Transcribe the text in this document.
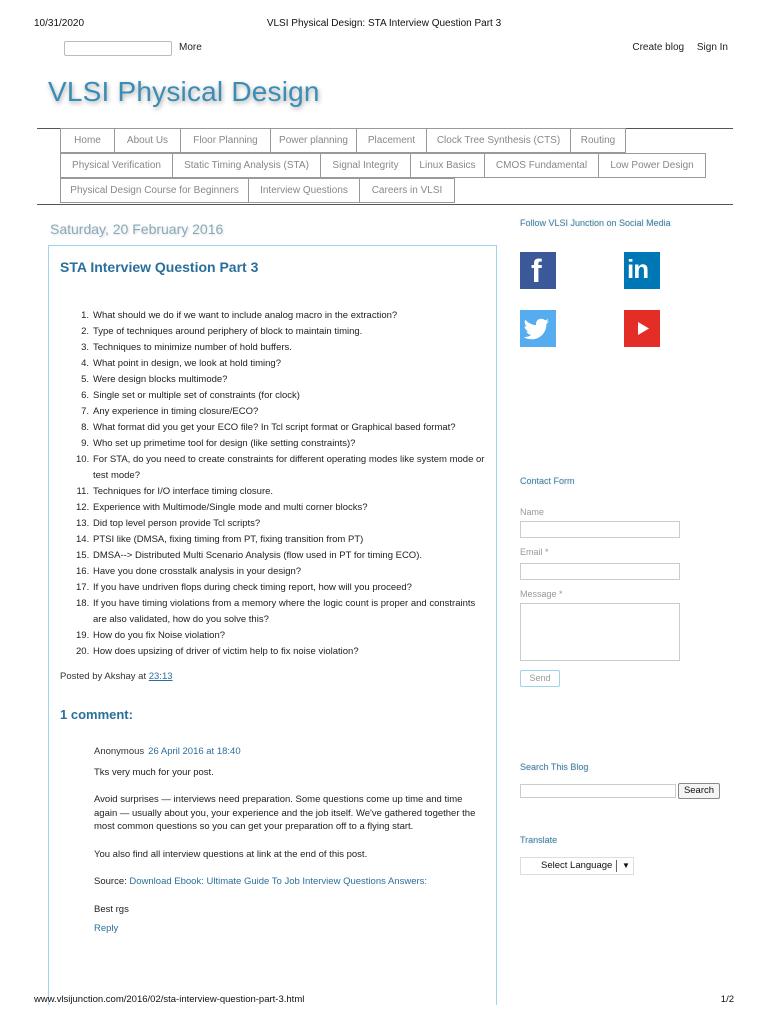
10/31/2020	VLSI Physical Design: STA Interview Question Part 3
More	Create blog Sign In
VLSI Physical Design
Home	About Us	Floor Planning	Power planning	Placement	Clock Tree Synthesis (CTS)	Routing
Physical Verification	Static Timing Analysis (STA)	Signal Integrity	Linux Basics	CMOS Fundamental	Low Power Design
Physical Design Course for Beginners	Interview Questions	Careers in VLSI
Saturday, 20 February 2016
STA Interview Question Part 3
1. What should we do if we want to include analog macro in the extraction?
2. Type of techniques around periphery of block to maintain timing.
3. Techniques to minimize number of hold buffers.
4. What point in design, we look at hold timing?
5. Were design blocks multimode?
6. Single set or multiple set of constraints (for clock)
7. Any experience in timing closure/ECO?
8. What format did you get your ECO file? In Tcl script format or Graphical based format?
9. Who set up primetime tool for design (like setting constraints)?
10. For STA, do you need to create constraints for different operating modes like system mode or test mode?
11. Techniques for I/O interface timing closure.
12. Experience with Multimode/Single mode and multi corner blocks?
13. Did top level person provide Tcl scripts?
14. PTSI like (DMSA, fixing timing from PT, fixing transition from PT)
15. DMSA--> Distributed Multi Scenario Analysis (flow used in PT for timing ECO).
16. Have you done crosstalk analysis in your design?
17. If you have undriven flops during check timing report, how will you proceed?
18. If you have timing violations from a memory where the logic count is proper and constraints are also validated, how do you solve this?
19. How do you fix Noise violation?
20. How does upsizing of driver of victim help to fix noise violation?
Posted by Akshay at 23:13
1 comment:
Anonymous 26 April 2016 at 18:40

Tks very much for your post.

Avoid surprises — interviews need preparation. Some questions come up time and time again — usually about you, your experience and the job itself. We've gathered together the most common questions so you can get your preparation off to a flying start.

You also find all interview questions at link at the end of this post.

Source: Download Ebook: Ultimate Guide To Job Interview Questions Answers:

Best rgs

Reply
Follow VLSI Junction on Social Media
f	in
Contact Form
Name
Email *
Message *
Send
Search This Blog
Search
Translate
Select Language ▼
www.vlsijunction.com/2016/02/sta-interview-question-part-3.html	1/2
